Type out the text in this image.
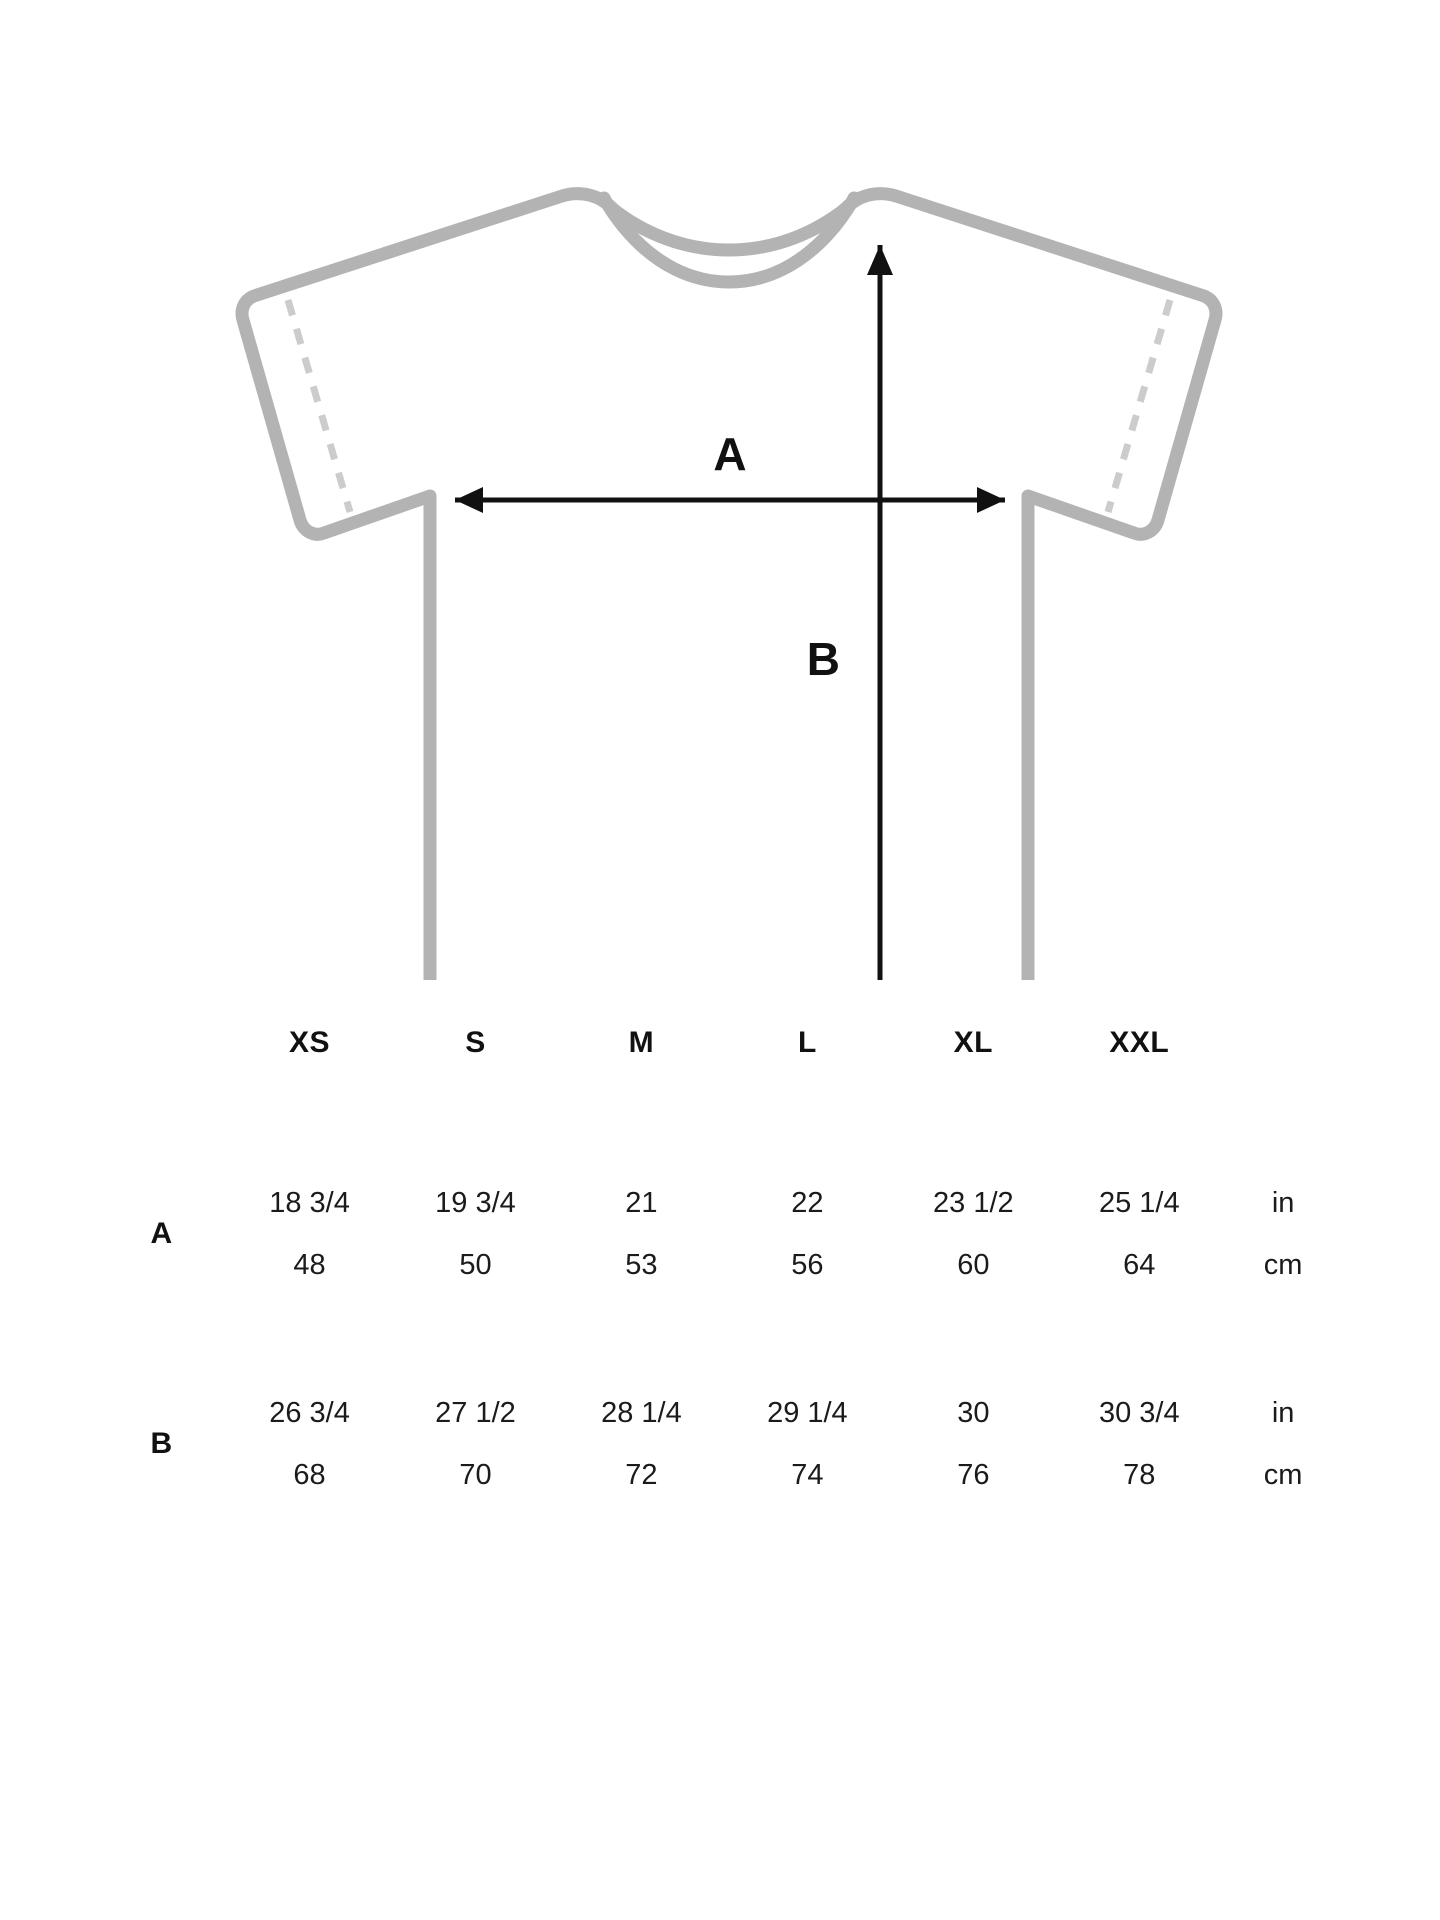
A
B
	XS	S	M	L	XL	XXL	

A	18 3/4	19 3/4	21	22	23 1/2	25 1/4	in
	48	50	53	56	60	64	cm

B	26 3/4	27 1/2	28 1/4	29 1/4	30	30 3/4	in
	68	70	72	74	76	78	cm
